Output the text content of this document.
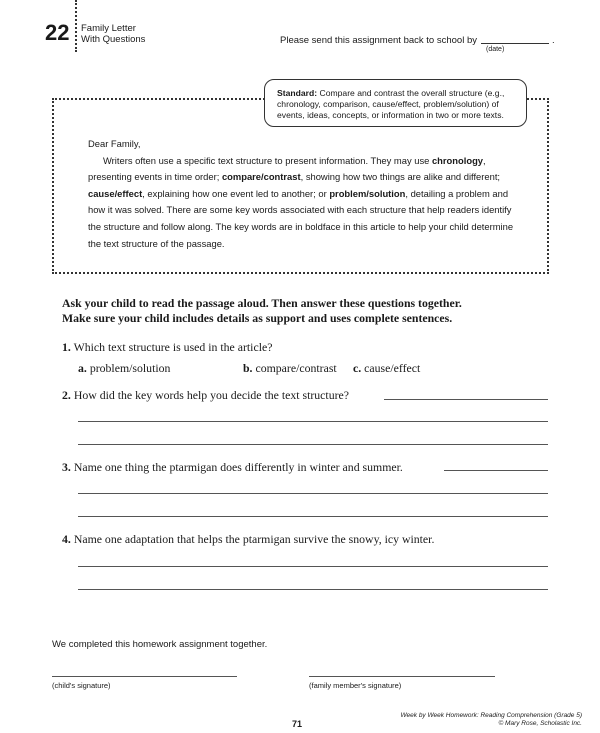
22 Family Letter
With Questions	Please send this assignment back to school by	.
(date)
Standard: Compare and contrast the overall structure (e.g., chronology, comparison, cause/effect, problem/solution) of events, ideas, concepts, or information in two or more texts.

Dear Family,

Writers often use a specific text structure to present information. They may use chronology, presenting events in time order; compare/contrast, showing how two things are alike and different; cause/effect, explaining how one event led to another; or problem/solution, detailing a problem and how it was solved. There are some key words associated with each structure that help readers identify the structure and follow along. The key words are in boldface in this article to help your child determine the text structure of the passage.

Ask your child to read the passage aloud. Then answer these questions together.
Make sure your child includes details as support and uses complete sentences.
1. Which text structure is used in the article?
a. problem/solution	b. compare/contrast c. cause/effect
2. How did the key words help you decide the text structure?
3. Name one thing the ptarmigan does differently in winter and summer.
4. Name one adaptation that helps the ptarmigan survive the snowy, icy winter.
We completed this homework assignment together.
(child's signature)	(family member's signature)
71
Week by Week Homework: Reading Comprehension (Grade 5)
© Mary Rose, Scholastic Inc.
